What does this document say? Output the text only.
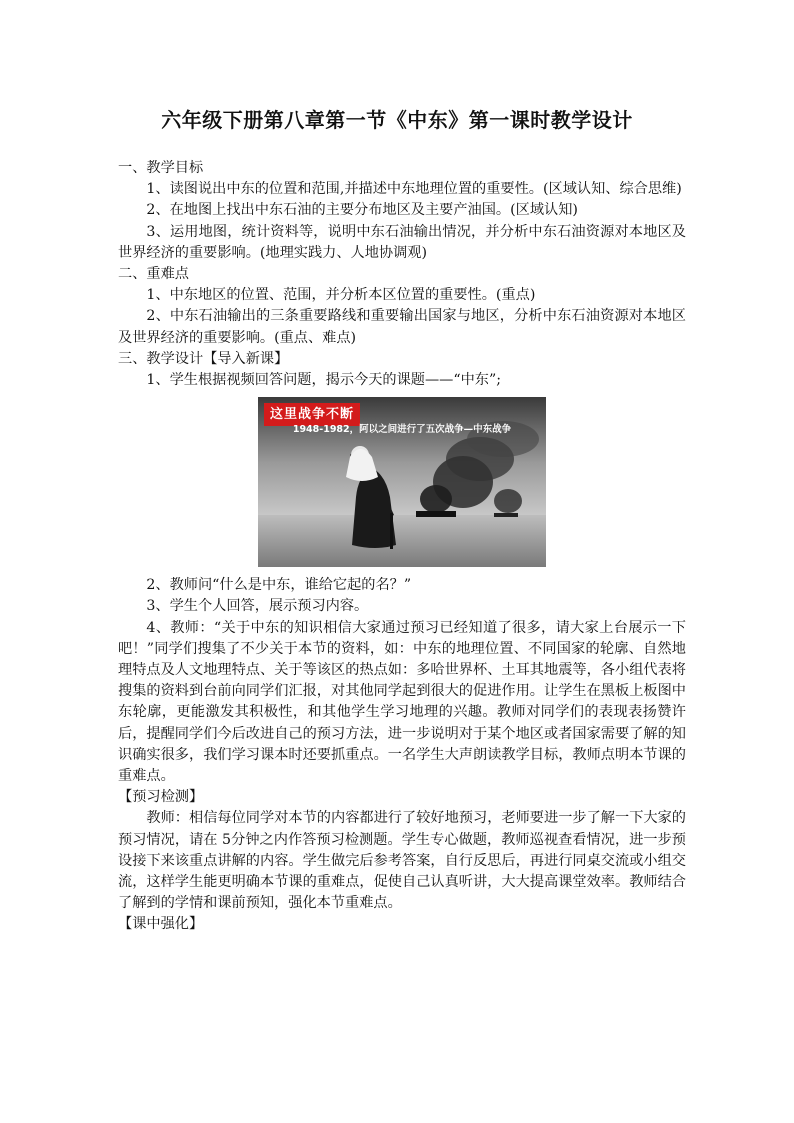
六年级下册第八章第一节《中东》第一课时教学设计

一、教学目标

1、读图说出中东的位置和范围,并描述中东地理位置的重要性。(区域认知、综合思维)

2、在地图上找出中东石油的主要分布地区及主要产油国。(区域认知)

3、运用地图，统计资料等，说明中东石油输出情况，并分析中东石油资源对本地区及世界经济的重要影响。(地理实践力、人地协调观)

二、重难点

1、中东地区的位置、范围，并分析本区位置的重要性。(重点)

2、中东石油输出的三条重要路线和重要输出国家与地区，分析中东石油资源对本地区及世界经济的重要影响。(重点、难点)

三、教学设计【导入新课】

1、学生根据视频回答问题，揭示今天的课题——“中东”;

这里战争不断
1948-1982，阿以之间进行了五次战争—中东战争

2、教师问“什么是中东，谁给它起的名？”

3、学生个人回答，展示预习内容。

4、教师：“关于中东的知识相信大家通过预习已经知道了很多，请大家上台展示一下吧！”同学们搜集了不少关于本节的资料，如：中东的地理位置、不同国家的轮廓、自然地理特点及人文地理特点、关于等该区的热点如：多哈世界杯、土耳其地震等，各小组代表将搜集的资料到台前向同学们汇报，对其他同学起到很大的促进作用。让学生在黑板上板图中东轮廓，更能激发其积极性，和其他学生学习地理的兴趣。教师对同学们的表现表扬赞许后，提醒同学们今后改进自己的预习方法，进一步说明对于某个地区或者国家需要了解的知识确实很多，我们学习课本时还要抓重点。一名学生大声朗读教学目标，教师点明本节课的重难点。

【预习检测】

教师：相信每位同学对本节的内容都进行了较好地预习，老师要进一步了解一下大家的预习情况，请在 5分钟之内作答预习检测题。学生专心做题，教师巡视查看情况，进一步预设接下来该重点讲解的内容。学生做完后参考答案，自行反思后，再进行同桌交流或小组交流，这样学生能更明确本节课的重难点，促使自己认真听讲，大大提高课堂效率。教师结合了解到的学情和课前预知，强化本节重难点。

【课中强化】
